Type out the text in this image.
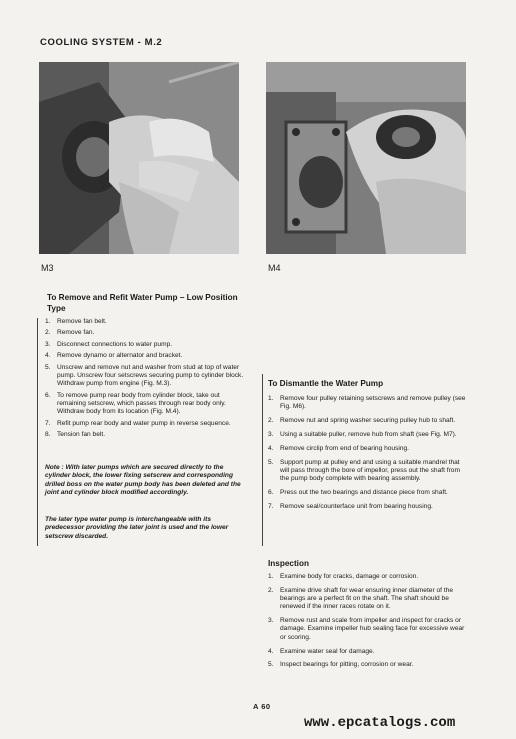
COOLING SYSTEM - M.2
M3	M4
To Remove and Refit Water Pump – Low Position Type
1. Remove fan belt.
2. Remove fan.
3. Disconnect connections to water pump.
4. Remove dynamo or alternator and bracket.
5. Unscrew and remove nut and washer from stud at top of water pump. Unscrew four setscrews securing pump to cylinder block. Withdraw pump from engine (Fig. M.3).
6. To remove pump rear body from cylinder block, take out remaining setscrew, which passes through rear body only. Withdraw body from its location (Fig. M.4).
7. Refit pump rear body and water pump in reverse sequence.
8. Tension fan belt.
Note : With later pumps which are secured directly to the cylinder block, the lower fixing setscrew and corresponding drilled boss on the water pump body has been deleted and the joint and cylinder block modified accordingly.
The later type water pump is interchangeable with its predecessor providing the later joint is used and the lower setscrew discarded.
To Dismantle the Water Pump
1. Remove four pulley retaining setscrews and remove pulley (see Fig. M6).
2. Remove nut and spring washer securing pulley hub to shaft.
3. Using a suitable puller, remove hub from shaft (see Fig. M7).
4. Remove circlip from end of bearing housing.
5. Support pump at pulley end and using a suitable mandrel that will pass through the bore of impellor, press out the shaft from the pump body complete with bearing assembly.
6. Press out the two bearings and distance piece from shaft.
7. Remove seal/counterface unit from bearing housing.
Inspection
1. Examine body for cracks, damage or corrosion.
2. Examine drive shaft for wear ensuring inner diameter of the bearings are a perfect fit on the shaft. The shaft should be renewed if the inner races rotate on it.
3. Remove rust and scale from impeller and inspect for cracks or damage. Examine impeller hub sealing face for excessive wear or scoring.
4. Examine water seal for damage.
5. Inspect bearings for pitting, corrosion or wear.
A 60
www.epcatalogs.com
